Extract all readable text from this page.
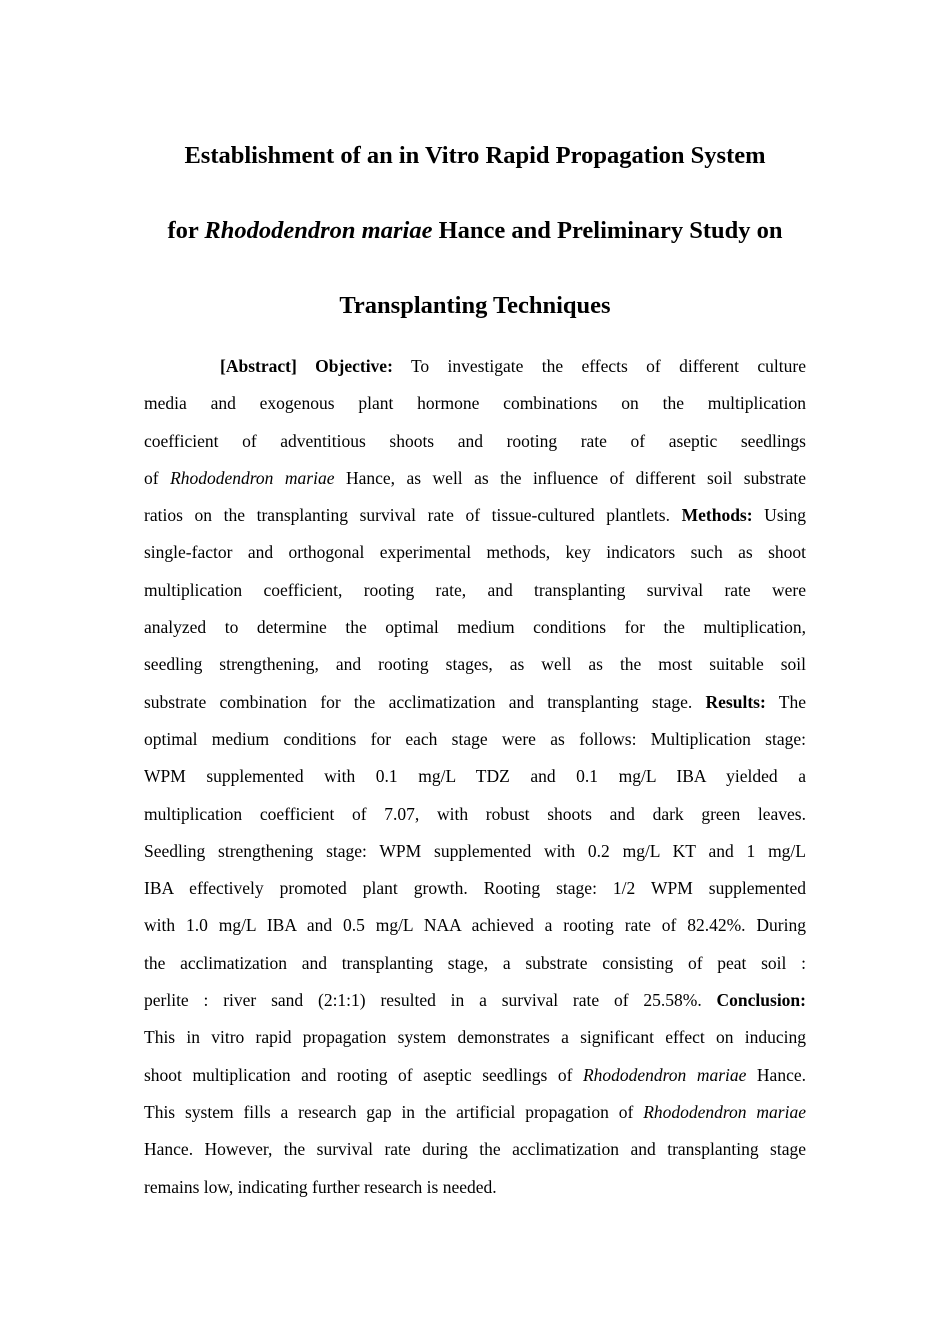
Establishment of an in Vitro Rapid Propagation System
for Rhododendron mariae Hance and Preliminary Study on
Transplanting Techniques
[Abstract] Objective: To investigate the effects of different culture
media and exogenous plant hormone combinations on the multiplication
coefficient of adventitious shoots and rooting rate of aseptic seedlings
of Rhododendron mariae Hance, as well as the influence of different soil substrate
ratios on the transplanting survival rate of tissue-cultured plantlets. Methods: Using
single-factor and orthogonal experimental methods, key indicators such as shoot
multiplication coefficient, rooting rate, and transplanting survival rate were
analyzed to determine the optimal medium conditions for the multiplication,
seedling strengthening, and rooting stages, as well as the most suitable soil
substrate combination for the acclimatization and transplanting stage. Results: The
optimal medium conditions for each stage were as follows: Multiplication stage:
WPM supplemented with 0.1 mg/L TDZ and 0.1 mg/L IBA yielded a
multiplication coefficient of 7.07, with robust shoots and dark green leaves.
Seedling strengthening stage: WPM supplemented with 0.2 mg/L KT and 1 mg/L
IBA effectively promoted plant growth. Rooting stage: 1/2 WPM supplemented
with 1.0 mg/L IBA and 0.5 mg/L NAA achieved a rooting rate of 82.42%. During
the acclimatization and transplanting stage, a substrate consisting of peat soil :
perlite : river sand (2:1:1) resulted in a survival rate of 25.58%. Conclusion:
This in vitro rapid propagation system demonstrates a significant effect on inducing
shoot multiplication and rooting of aseptic seedlings of Rhododendron mariae Hance.
This system fills a research gap in the artificial propagation of Rhododendron mariae
Hance. However, the survival rate during the acclimatization and transplanting stage
remains low, indicating further research is needed.
